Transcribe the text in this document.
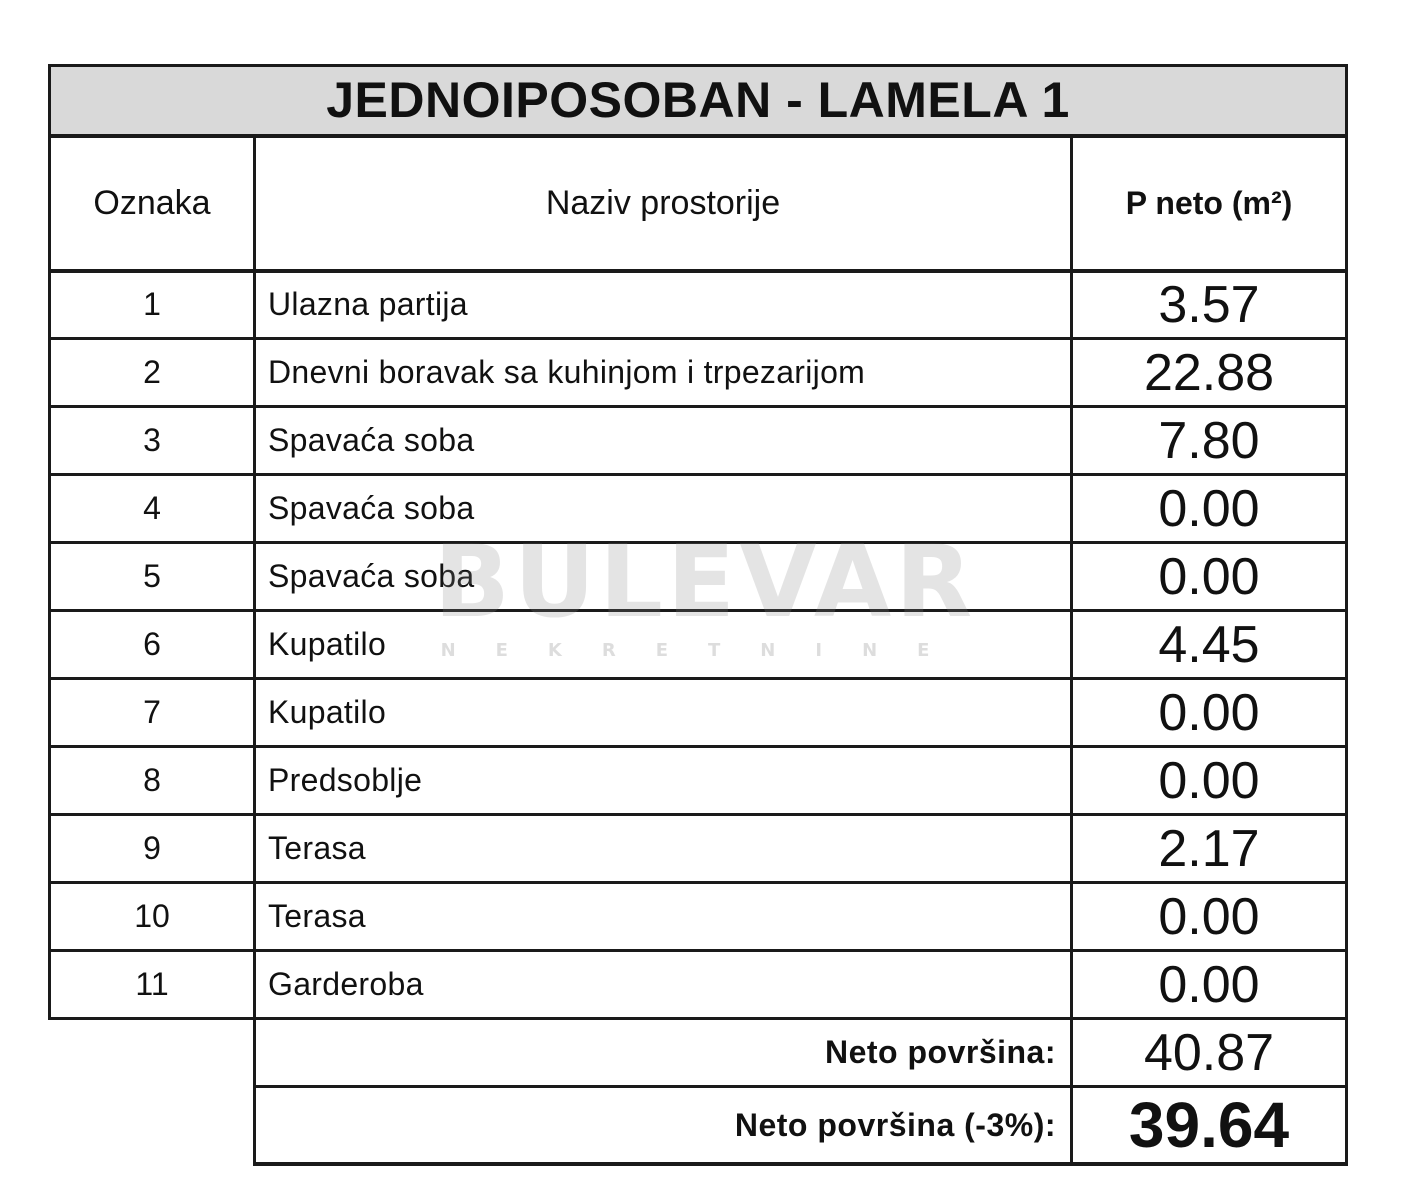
JEDNOIPOSOBAN - LAMELA 1		
Oznaka	Naziv prostorije	P neto (m²)
1	Ulazna partija	3.57
2	Dnevni boravak sa kuhinjom i trpezarijom	22.88
3	Spavaća soba	7.80
4	Spavaća soba	0.00
5	Spavaća soba	0.00
6	Kupatilo	4.45
7	Kupatilo	0.00
8	Predsoblje	0.00
9	Terasa	2.17
10	Terasa	0.00
11	Garderoba	0.00
	Neto površina:	40.87
	Neto površina (-3%):	39.64
BULEVAR
NEKRETNINE
